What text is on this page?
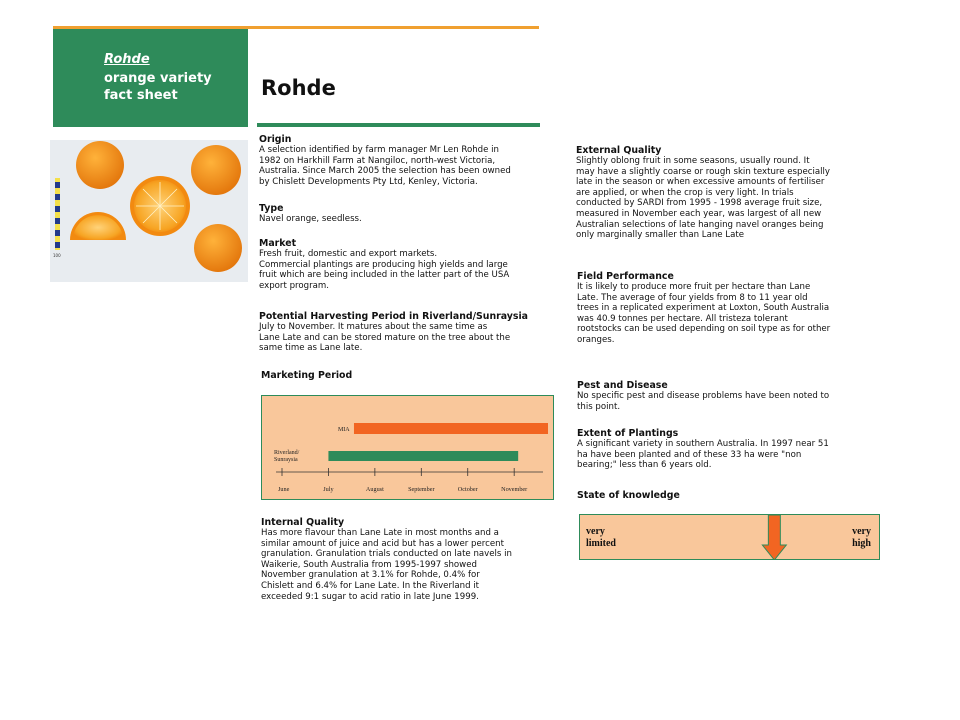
Rohde
orange variety
fact sheet	Rohde
100
Origin

A selection identified by farm manager Mr Len Rohde in

1982 on Harkhill Farm at Nangiloc, north-west Victoria,

Australia. Since March 2005 the selection has been owned

by Chislett Developments Pty Ltd, Kenley, Victoria.

Type

Navel orange, seedless.

Market

Fresh fruit, domestic and export markets.

Commercial plantings are producing high yields and large

fruit which are being included in the latter part of the USA

export program.

Potential Harvesting Period in Riverland/Sunraysia

July to November. It matures about the same time as

Lane Late and can be stored mature on the tree about the

same time as Lane late.

Marketing Period
June	July	August	September	October	November
MIA
Riverland/ Sunraysia
Internal Quality

Has more flavour than Lane Late in most months and a

similar amount of juice and acid but has a lower percent

granulation. Granulation trials conducted on late navels in

Waikerie, South Australia from 1995-1997 showed

November granulation at 3.1% for Rohde, 0.4% for

Chislett and 6.4% for Lane Late. In the Riverland it

exceeded 9:1 sugar to acid ratio in late June 1999.

External Quality

Slightly oblong fruit in some seasons, usually round. It

may have a slightly coarse or rough skin texture especially

late in the season or when excessive amounts of fertiliser

are applied, or when the crop is very light. In trials

conducted by SARDI from 1995 - 1998 average fruit size,

measured in November each year, was largest of all new

Australian selections of late hanging navel oranges being

only marginally smaller than Lane Late

Field Performance

It is likely to produce more fruit per hectare than Lane

Late. The average of four yields from 8 to 11 year old

trees in a replicated experiment at Loxton, South Australia

was 40.9 tonnes per hectare. All tristeza tolerant

rootstocks can be used depending on soil type as for other

oranges.

Pest and Disease

No specific pest and disease problems have been noted to

this point.

Extent of Plantings

A significant variety in southern Australia. In 1997 near 51

ha have been planted and of these 33 ha were "non

bearing;" less than 6 years old.

State of knowledge
very
limited
very
high
